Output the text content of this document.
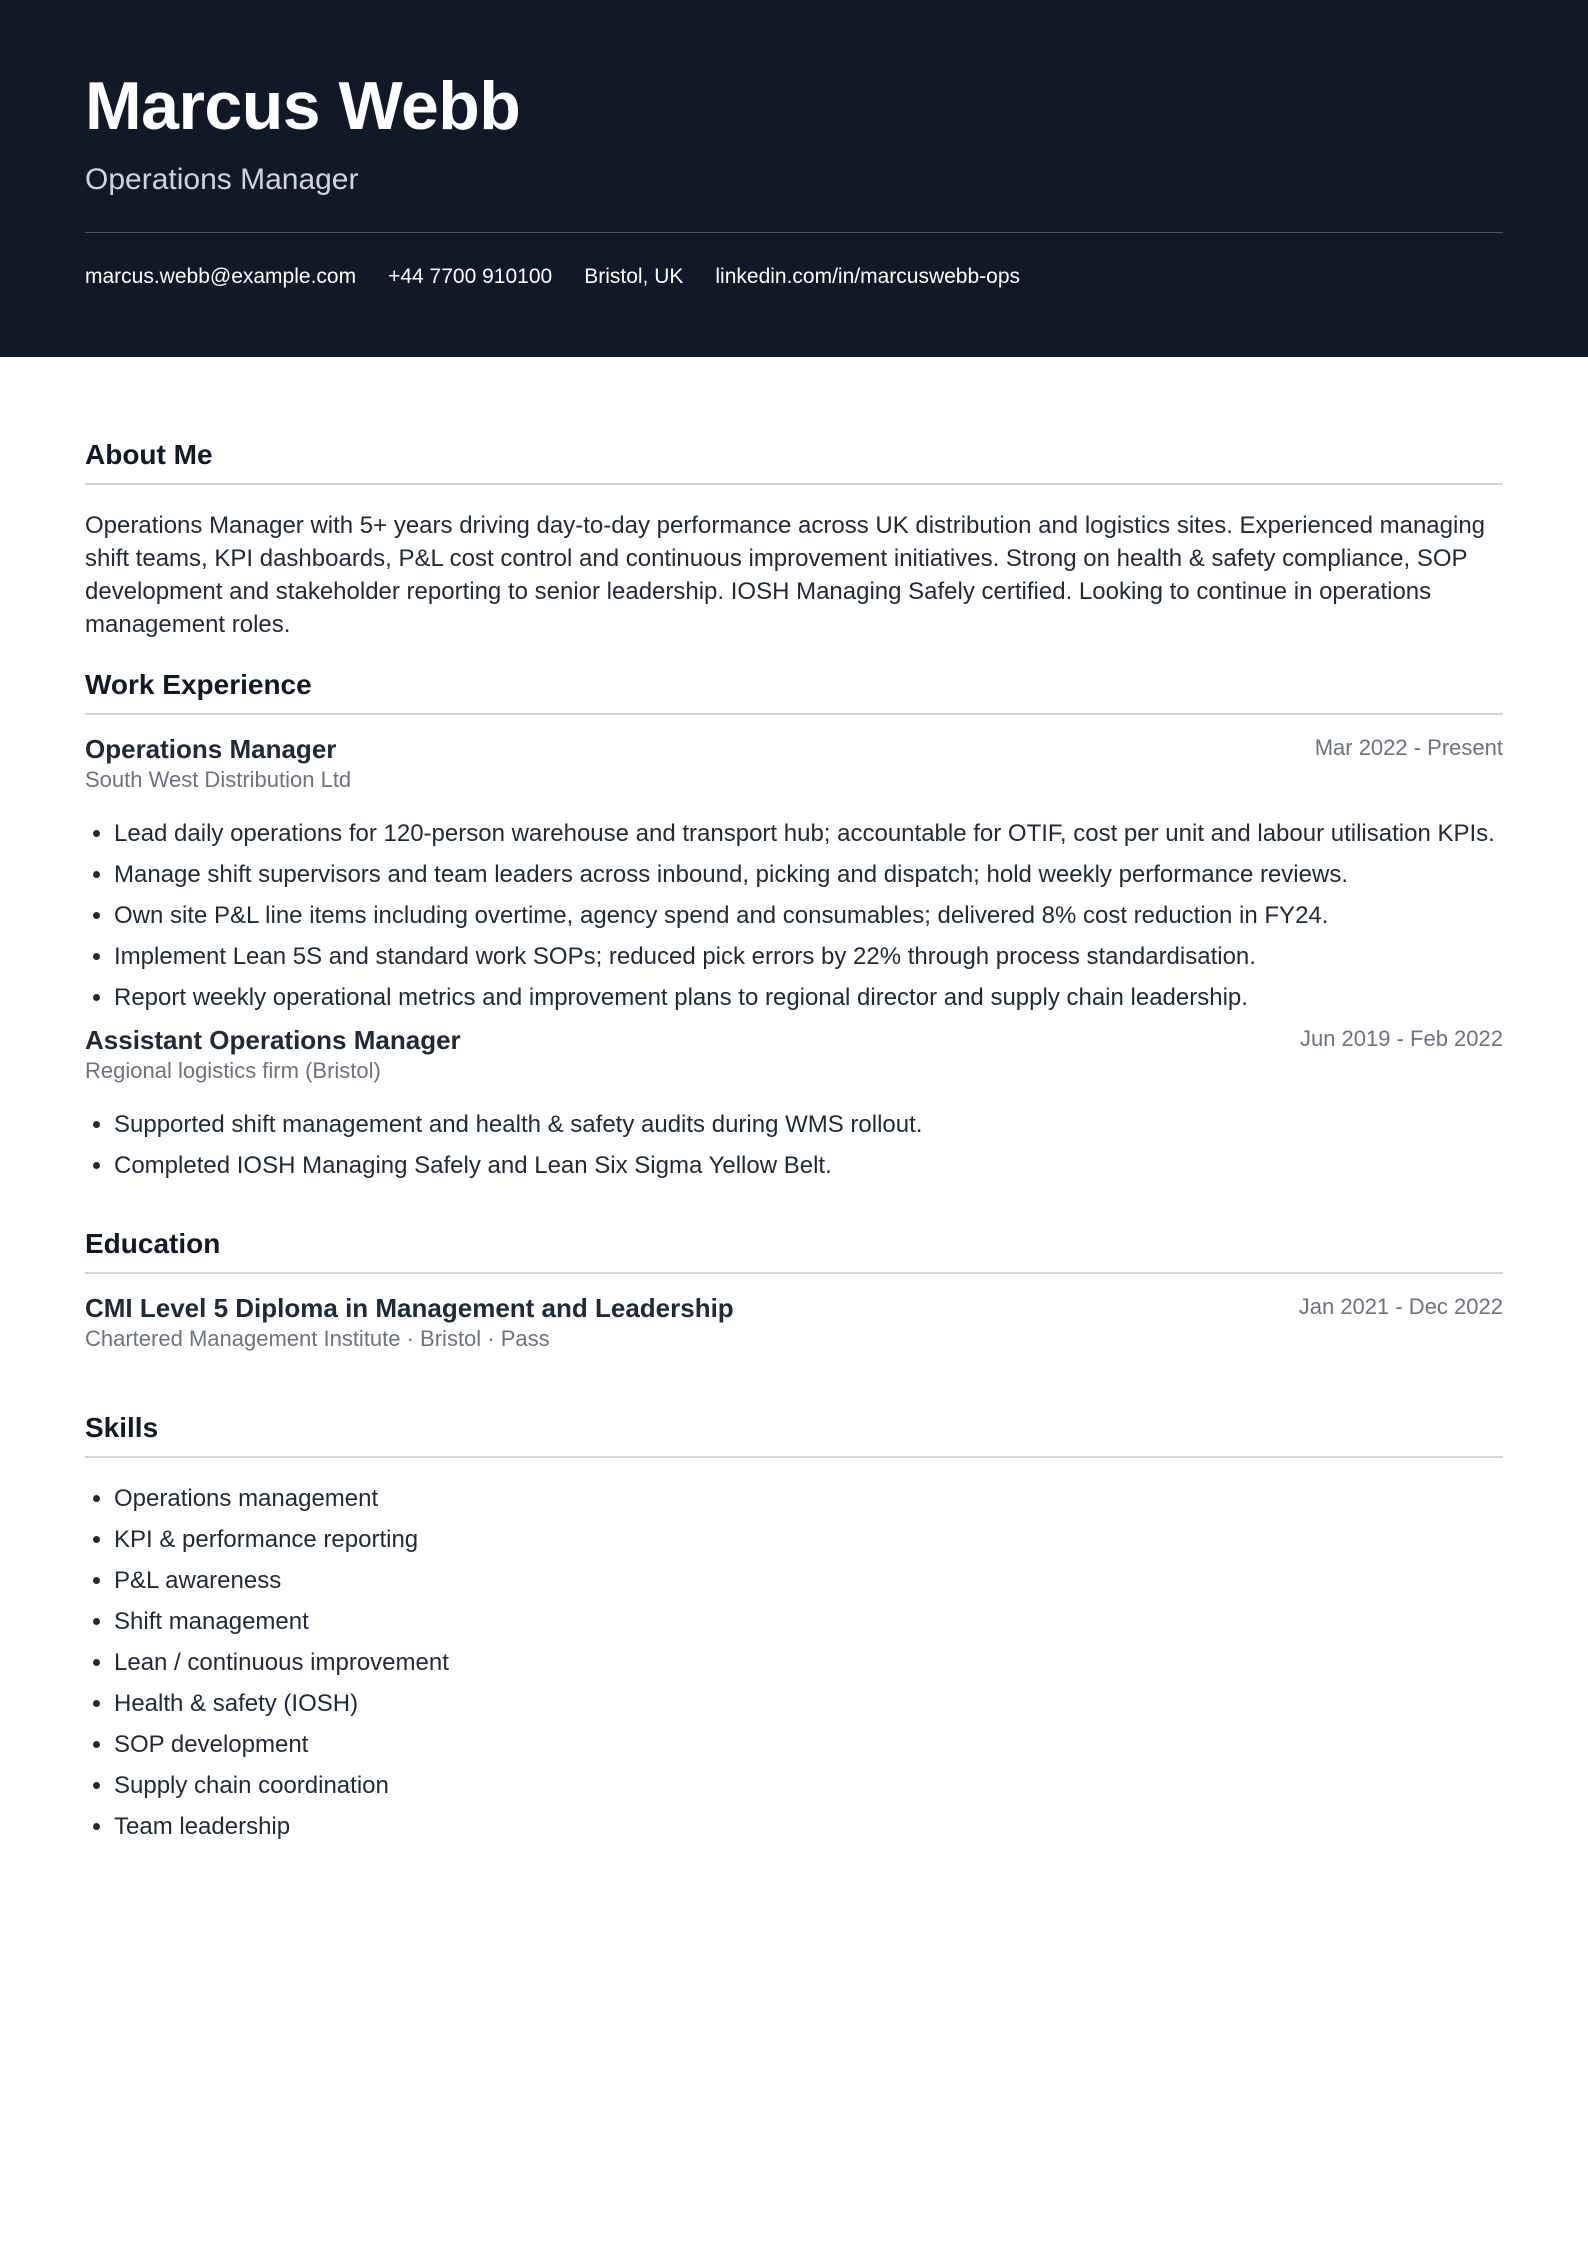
Marcus Webb
Operations Manager
marcus.webb@example.com +44 7700 910100 Bristol, UK linkedin.com/in/marcuswebb-ops
About Me

Operations Manager with 5+ years driving day-to-day performance across UK distribution and logistics sites. Experienced managing shift teams, KPI dashboards, P&L cost control and continuous improvement initiatives. Strong on health & safety compliance, SOP development and stakeholder reporting to senior leadership. IOSH Managing Safely certified. Looking to continue in operations management roles.

Work Experience
Operations Manager	Mar 2022 - Present
South West Distribution Ltd
• Lead daily operations for 120-person warehouse and transport hub; accountable for OTIF, cost per unit and labour utilisation KPIs.
• Manage shift supervisors and team leaders across inbound, picking and dispatch; hold weekly performance reviews.
• Own site P&L line items including overtime, agency spend and consumables; delivered 8% cost reduction in FY24.
• Implement Lean 5S and standard work SOPs; reduced pick errors by 22% through process standardisation.
• Report weekly operational metrics and improvement plans to regional director and supply chain leadership.
Assistant Operations Manager	Jun 2019 - Feb 2022
Regional logistics firm (Bristol)
• Supported shift management and health & safety audits during WMS rollout.
• Completed IOSH Managing Safely and Lean Six Sigma Yellow Belt.
Education
CMI Level 5 Diploma in Management and Leadership	Jan 2021 - Dec 2022
Chartered Management Institute · Bristol · Pass
Skills
• Operations management
• KPI & performance reporting
• P&L awareness
• Shift management
• Lean / continuous improvement
• Health & safety (IOSH)
• SOP development
• Supply chain coordination
• Team leadership
